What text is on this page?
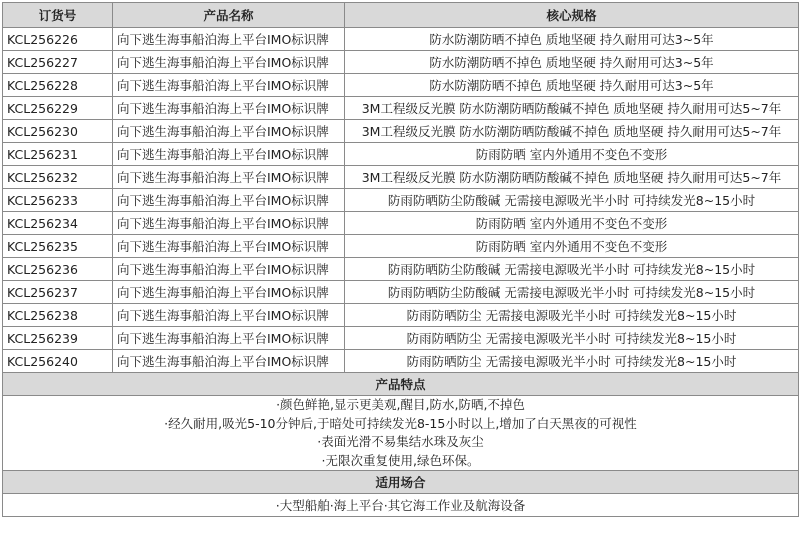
订货号	产品名称	核心规格
KCL256226	向下逃生海事船泊海上平台IMO标识牌	防水防潮防晒不掉色 质地坚硬 持久耐用可达3~5年
KCL256227	向下逃生海事船泊海上平台IMO标识牌	防水防潮防晒不掉色 质地坚硬 持久耐用可达3~5年
KCL256228	向下逃生海事船泊海上平台IMO标识牌	防水防潮防晒不掉色 质地坚硬 持久耐用可达3~5年
KCL256229	向下逃生海事船泊海上平台IMO标识牌	3M工程级反光膜 防水防潮防晒防酸碱不掉色 质地坚硬 持久耐用可达5~7年
KCL256230	向下逃生海事船泊海上平台IMO标识牌	3M工程级反光膜 防水防潮防晒防酸碱不掉色 质地坚硬 持久耐用可达5~7年
KCL256231	向下逃生海事船泊海上平台IMO标识牌	防雨防晒 室内外通用不变色不变形
KCL256232	向下逃生海事船泊海上平台IMO标识牌	3M工程级反光膜 防水防潮防晒防酸碱不掉色 质地坚硬 持久耐用可达5~7年
KCL256233	向下逃生海事船泊海上平台IMO标识牌	防雨防晒防尘防酸碱 无需接电源吸光半小时 可持续发光8~15小时
KCL256234	向下逃生海事船泊海上平台IMO标识牌	防雨防晒 室内外通用不变色不变形
KCL256235	向下逃生海事船泊海上平台IMO标识牌	防雨防晒 室内外通用不变色不变形
KCL256236	向下逃生海事船泊海上平台IMO标识牌	防雨防晒防尘防酸碱 无需接电源吸光半小时 可持续发光8~15小时
KCL256237	向下逃生海事船泊海上平台IMO标识牌	防雨防晒防尘防酸碱 无需接电源吸光半小时 可持续发光8~15小时
KCL256238	向下逃生海事船泊海上平台IMO标识牌	防雨防晒防尘 无需接电源吸光半小时 可持续发光8~15小时
KCL256239	向下逃生海事船泊海上平台IMO标识牌	防雨防晒防尘 无需接电源吸光半小时 可持续发光8~15小时
KCL256240	向下逃生海事船泊海上平台IMO标识牌	防雨防晒防尘 无需接电源吸光半小时 可持续发光8~15小时
产品特点		

·颜色鲜艳,显示更美观,醒目,防水,防晒,不掉色
·经久耐用,吸光5-10分钟后,于暗处可持续发光8-15小时以上,增加了白天黑夜的可视性
·表面光滑不易集结水珠及灰尘
·无限次重复使用,绿色环保。		

适用场合		
·大型船舶·海上平台·其它海工作业及航海设备		
